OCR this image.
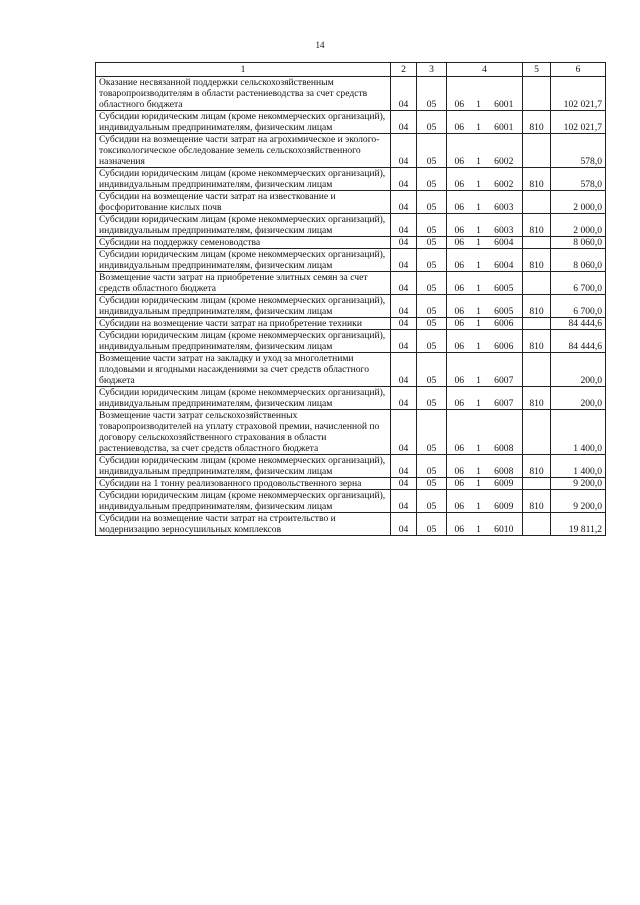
14
1	2	3	4			5	6
Оказание несвязанной поддержки сельскохозяйственным товаропроизводителям в области растениеводства за счет средств областного бюджета	04	05	06	1	6001		102 021,7
Субсидии юридическим лицам (кроме некоммерческих организаций), индивидуальным предпринимателям, физическим лицам	04	05	06	1	6001	810	102 021,7
Субсидии на возмещение части затрат на агрохимическое и эколого- токсикологическое обследование земель сельскохозяйственного назначения	04	05	06	1	6002		578,0
Субсидии юридическим лицам (кроме некоммерческих организаций), индивидуальным предпринимателям, физическим лицам	04	05	06	1	6002	810	578,0
Субсидии на возмещение части затрат на известкование и фосфоритование кислых почв	04	05	06	1	6003		2 000,0
Субсидии юридическим лицам (кроме некоммерческих организаций), индивидуальным предпринимателям, физическим лицам	04	05	06	1	6003	810	2 000,0
Субсидии на поддержку семеноводства	04	05	06	1	6004		8 060,0
Субсидии юридическим лицам (кроме некоммерческих организаций), индивидуальным предпринимателям, физическим лицам	04	05	06	1	6004	810	8 060,0
Возмещение части затрат на приобретение элитных семян за счет средств областного бюджета	04	05	06	1	6005		6 700,0
Субсидии юридическим лицам (кроме некоммерческих организаций), индивидуальным предпринимателям, физическим лицам	04	05	06	1	6005	810	6 700,0
Субсидии на возмещение части затрат на приобретение техники	04	05	06	1	6006		84 444,6
Субсидии юридическим лицам (кроме некоммерческих организаций), индивидуальным предпринимателям, физическим лицам	04	05	06	1	6006	810	84 444,6
Возмещение части затрат на закладку и уход за многолетними плодовыми и ягодными насаждениями за счет средств областного бюджета	04	05	06	1	6007		200,0
Субсидии юридическим лицам (кроме некоммерческих организаций), индивидуальным предпринимателям, физическим лицам	04	05	06	1	6007	810	200,0
Возмещение части затрат сельскохозяйственных товаропроизводителей на уплату страховой премии, начисленной по договору сельскохозяйственного страхования в области растениеводства, за счет средств областного бюджета	04	05	06	1	6008		1 400,0
Субсидии юридическим лицам (кроме некоммерческих организаций), индивидуальным предпринимателям, физическим лицам	04	05	06	1	6008	810	1 400,0
Субсидии на 1 тонну реализованного продовольственного зерна	04	05	06	1	6009		9 200,0
Субсидии юридическим лицам (кроме некоммерческих организаций), индивидуальным предпринимателям, физическим лицам	04	05	06	1	6009	810	9 200,0
Субсидии на возмещение части затрат на строительство и модернизацию зерносушильных комплексов	04	05	06	1	6010		19 811,2
